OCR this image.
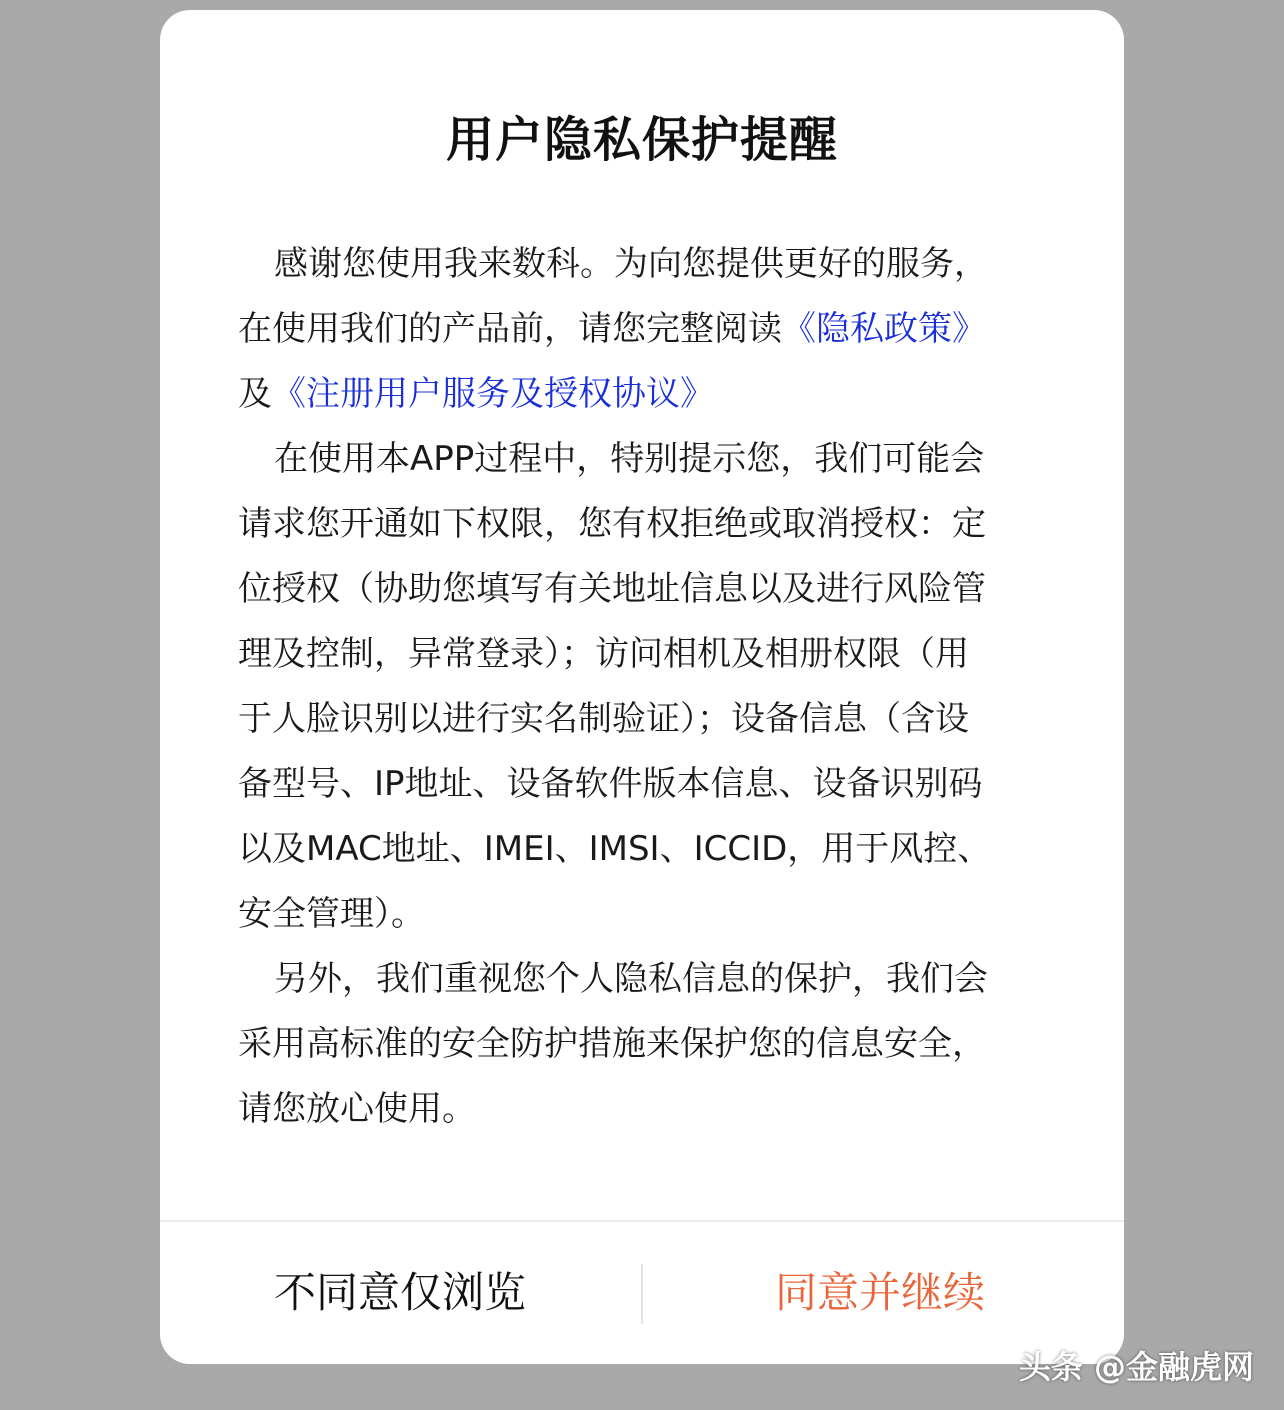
用户隐私保护提醒
感谢您使用我来数科。为向您提供更好的服务，
在使用我们的产品前，请您完整阅读《隐私政策》
及《注册用户服务及授权协议》
在使用本APP过程中，特别提示您，我们可能会
请求您开通如下权限，您有权拒绝或取消授权：定
位授权（协助您填写有关地址信息以及进行风险管
理及控制，异常登录）；访问相机及相册权限（用
于人脸识别以进行实名制验证）；设备信息（含设
备型号、IP地址、设备软件版本信息、设备识别码
以及MAC地址、IMEI、IMSI、ICCID，用于风控、
安全管理）。
另外，我们重视您个人隐私信息的保护，我们会
采用高标准的安全防护措施来保护您的信息安全，
请您放心使用。
不同意仅浏览	同意并继续
头条 @金融虎网
